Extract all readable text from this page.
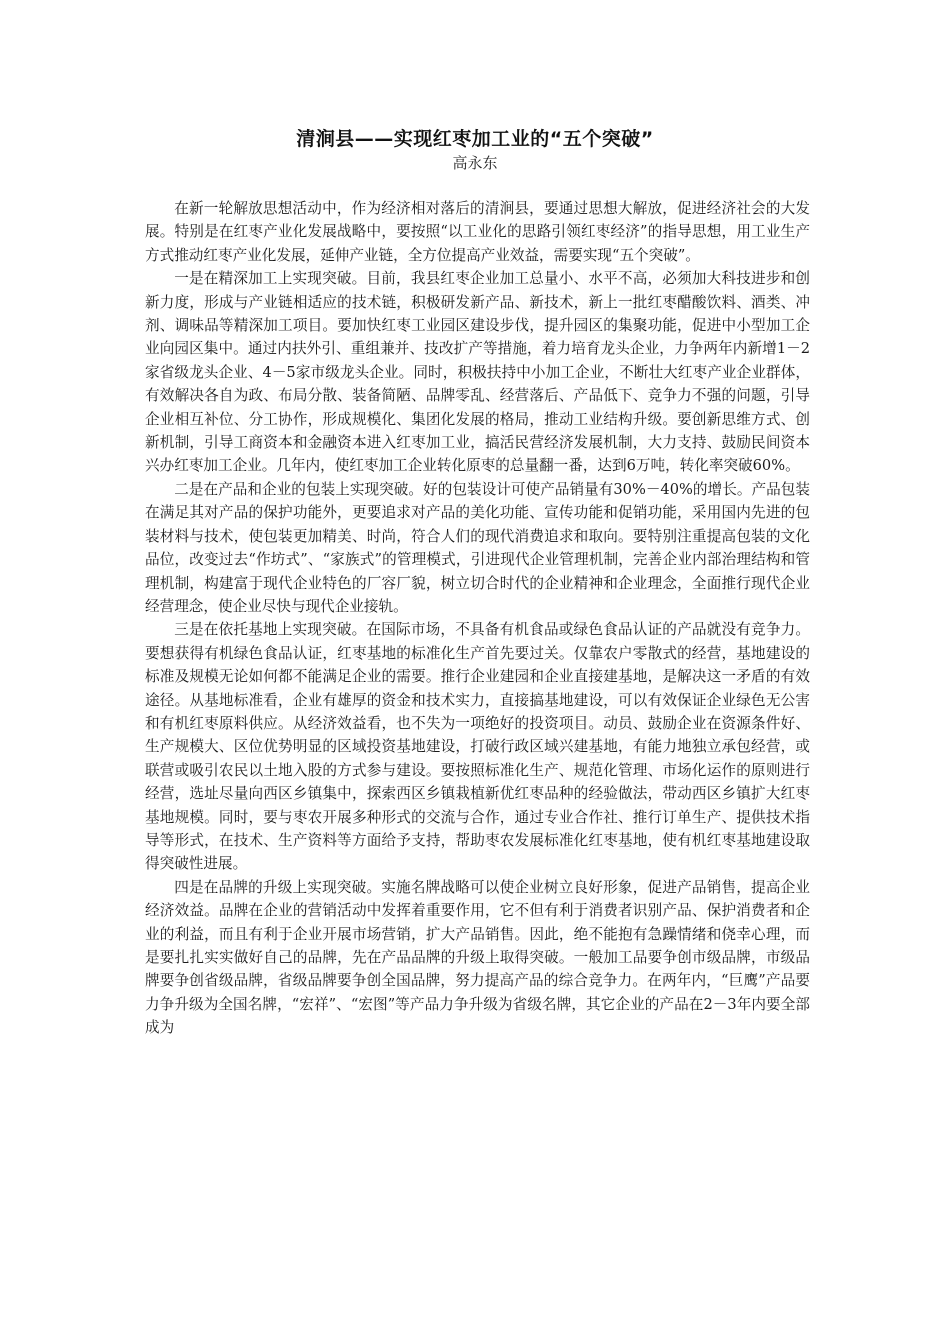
清涧县——实现红枣加工业的“五个突破”
高永东

在新一轮解放思想活动中，作为经济相对落后的清涧县，要通过思想大解放，促进经济社会的大发展。特别是在红枣产业化发展战略中，要按照“以工业化的思路引领红枣经济”的指导思想，用工业生产方式推动红枣产业化发展，延伸产业链，全方位提高产业效益，需要实现“五个突破”。

一是在精深加工上实现突破。目前，我县红枣企业加工总量小、水平不高，必须加大科技进步和创新力度，形成与产业链相适应的技术链，积极研发新产品、新技术，新上一批红枣醋酸饮料、酒类、冲剂、调味品等精深加工项目。要加快红枣工业园区建设步伐，提升园区的集聚功能，促进中小型加工企业向园区集中。通过内扶外引、重组兼并、技改扩产等措施，着力培育龙头企业，力争两年内新增1－2家省级龙头企业、4－5家市级龙头企业。同时，积极扶持中小加工企业，不断壮大红枣产业企业群体，有效解决各自为政、布局分散、装备简陋、品牌零乱、经营落后、产品低下、竞争力不强的问题，引导企业相互补位、分工协作，形成规模化、集团化发展的格局，推动工业结构升级。要创新思维方式、创新机制，引导工商资本和金融资本进入红枣加工业，搞活民营经济发展机制，大力支持、鼓励民间资本兴办红枣加工企业。几年内，使红枣加工企业转化原枣的总量翻一番，达到6万吨，转化率突破60%。

二是在产品和企业的包装上实现突破。好的包装设计可使产品销量有30%－40%的增长。产品包装在满足其对产品的保护功能外，更要追求对产品的美化功能、宣传功能和促销功能，采用国内先进的包装材料与技术，使包装更加精美、时尚，符合人们的现代消费追求和取向。要特别注重提高包装的文化品位，改变过去“作坊式”、“家族式”的管理模式，引进现代企业管理机制，完善企业内部治理结构和管理机制，构建富于现代企业特色的厂容厂貌，树立切合时代的企业精神和企业理念，全面推行现代企业经营理念，使企业尽快与现代企业接轨。

三是在依托基地上实现突破。在国际市场，不具备有机食品或绿色食品认证的产品就没有竞争力。要想获得有机绿色食品认证，红枣基地的标准化生产首先要过关。仅靠农户零散式的经营，基地建设的标准及规模无论如何都不能满足企业的需要。推行企业建园和企业直接建基地，是解决这一矛盾的有效途径。从基地标准看，企业有雄厚的资金和技术实力，直接搞基地建设，可以有效保证企业绿色无公害和有机红枣原料供应。从经济效益看，也不失为一项绝好的投资项目。动员、鼓励企业在资源条件好、生产规模大、区位优势明显的区域投资基地建设，打破行政区域兴建基地，有能力地独立承包经营，或联营或吸引农民以土地入股的方式参与建设。要按照标准化生产、规范化管理、市场化运作的原则进行经营，选址尽量向西区乡镇集中，探索西区乡镇栽植新优红枣品种的经验做法，带动西区乡镇扩大红枣基地规模。同时，要与枣农开展多种形式的交流与合作，通过专业合作社、推行订单生产、提供技术指导等形式，在技术、生产资料等方面给予支持，帮助枣农发展标准化红枣基地，使有机红枣基地建设取得突破性进展。

四是在品牌的升级上实现突破。实施名牌战略可以使企业树立良好形象，促进产品销售，提高企业经济效益。品牌在企业的营销活动中发挥着重要作用，它不但有利于消费者识别产品、保护消费者和企业的利益，而且有利于企业开展市场营销，扩大产品销售。因此，绝不能抱有急躁情绪和侥幸心理，而是要扎扎实实做好自己的品牌，先在产品品牌的升级上取得突破。一般加工品要争创市级品牌，市级品牌要争创省级品牌，省级品牌要争创全国品牌，努力提高产品的综合竞争力。在两年内，“巨鹰”产品要力争升级为全国名牌，“宏祥”、“宏图”等产品力争升级为省级名牌，其它企业的产品在2－3年内要全部成为
